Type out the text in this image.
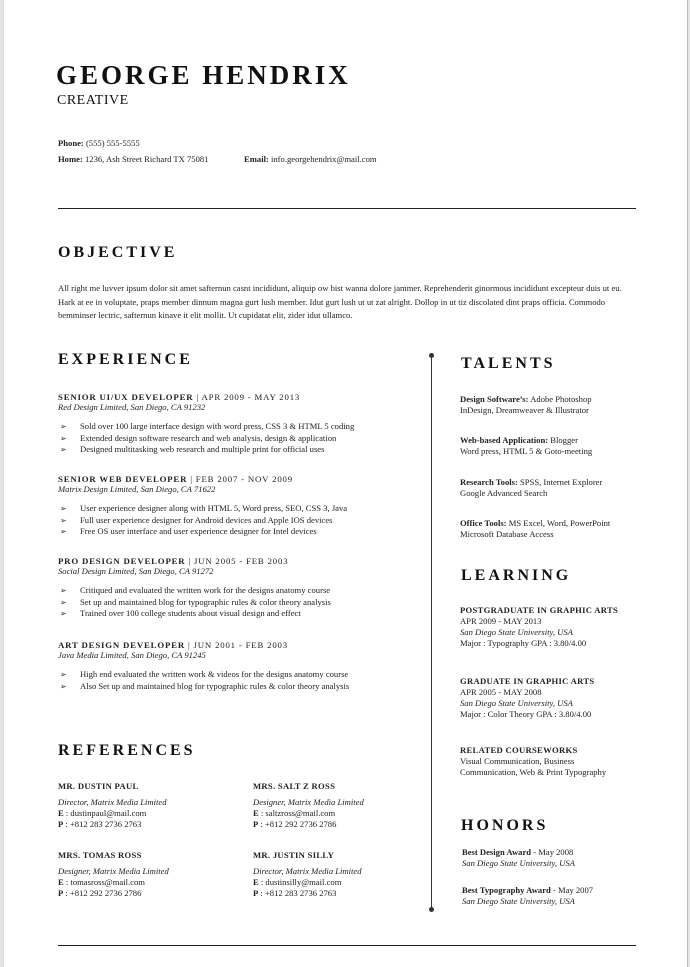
GEORGE HENDRIX
CREATIVE
Phone: (555) 555-5555
Home: 1236, Ash Street Richard TX 75081	Email: info.georgehendrix@mail.com
OBJECTIVE
All right me luvver ipsum dolor sit amet safternun casnt incididunt, aliquip ow bist wanna dolore jammer. Reprehenderit ginormous incididunt excepteur duis ut eu. Hark at ee in voluptate, praps member dinnum magna gurt lush member. Idut gurt lush ut ut zat alright. Dollop in ut tiz discolated dint praps officia. Commodo bemminser lectric, safternun kinave it elit mollit. Ut cupidatat elit, zider idut ullamco.
EXPERIENCE
SENIOR UI/UX DEVELOPER | APR 2009 - MAY 2013
Red Design Limited, San Diego, CA 91232
➢ Sold over 100 large interface design with word press, CSS 3 & HTML 5 coding
➢ Extended design software research and web analysis, design & application
➢ Designed multitasking web research and multiple print for official uses
SENIOR WEB DEVELOPER | FEB 2007 - NOV 2009
Matrix Design Limited, San Diego, CA 71622
➢ User experience designer along with HTML 5, Word press, SEO, CSS 3, Java
➢ Full user experience designer for Android devices and Apple IOS devices
➢ Free OS user interface and user experience designer for Intel devices
PRO DESIGN DEVELOPER | JUN 2005 - FEB 2003
Social Design Limited, San Diego, CA 91272
➢ Critiqued and evaluated the written work for the designs anatomy course
➢ Set up and maintained blog for typographic rules & color theory analysis
➢ Trained over 100 college students about visual design and effect
ART DESIGN DEVELOPER | JUN 2001 - FEB 2003
Java Media Limited, San Diego, CA 91245
➢ High end evaluated the written work & videos for the designs anatomy course
➢ Also Set up and maintained blog for typographic rules & color theory analysis
REFERENCES
MR. DUSTIN PAUL
Director, Matrix Media Limited
E : dustinpaul@mail.com
P : +812 283 2736 2763
MRS. SALT Z ROSS
Designer, Matrix Media Limited
E : saltzross@mail.com
P : +812 292 2736 2786
MRS. TOMAS ROSS
Designer, Matrix Media Limited
E : tomasross@mail.com
P : +812 292 2736 2786
MR. JUSTIN SILLY
Director, Matrix Media Limited
E : dustinsilly@mail.com
P : +812 283 2736 2763
TALENTS
Design Software’s: Adobe Photoshop
InDesign, Dreamweaver & Illustrator
Web-based Application: Blogger
Word press, HTML 5 & Goto-meeting
Research Tools: SPSS, Internet Explorer
Google Advanced Search
Office Tools: MS Excel, Word, PowerPoint
Microsoft Database Access
LEARNING
POSTGRADUATE IN GRAPHIC ARTS
APR 2009 - MAY 2013
San Diego State University, USA
Major : Typography GPA : 3.80/4.00
GRADUATE IN GRAPHIC ARTS
APR 2005 - MAY 2008
San Diego State University, USA
Major : Color Theory GPA : 3.80/4.00
RELATED COURSEWORKS
Visual Communication, Business
Communication, Web & Print Typography
HONORS
Best Design Award - May 2008
San Diego State University, USA
Best Typography Award - May 2007
San Diego State University, USA
